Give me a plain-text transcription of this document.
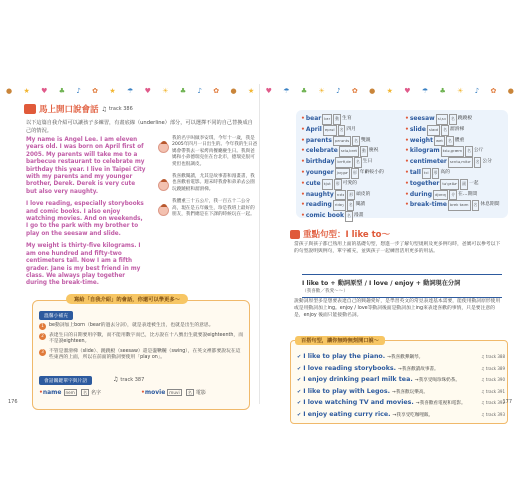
● ★ ♥ ♣ ♪ ✿ ★ ☂ ♥ ☀ ♣ ♪ ✿ ● ★ ♥ ☂ ♣ ☀ ♪ ✿ ● ★ ♥ ☂ ♣ ☀ ♪ ✿ ●
馬上開口說會話 ♫ track 386

以下這篇自我介紹可以讓孩子多練習，有畫底線（underline）部分，可以選擇不同的自己替換成自己的情況。

My name is Angel Lee. I am eleven years old. I was born on April first of 2005. My parents will take me to a barbecue restaurant to celebrate my birthday this year. I live in Taipei City with my parents and my younger brother, Derek. Derek is very cute but also very naughty.

I love reading, especially storybooks and comic books. I also enjoy watching movies. And on weekends, I go to the park with my brother to play on the seesaw and slide.

My weight is thirty-five kilograms. I am one hundred and fifty-two centimeters tall. Now I am a fifth grader. Jane is my best friend in my class. We always play together during the break-time.

我的名字叫做李安琪，今年十一歲，我是2005年四月一日出生的。今年我的生日爸媽會帶我去一家烤肉餐廳慶生日。我與爸媽和小弟德瑞克住在台北市，德瑞克很可愛但也很調皮。

我喜歡閱讀，尤其是故事書和漫畫書，我也喜歡看電影。週末時我會和弟弟去公園玩蹺蹺板和溜滑梯。

我體重三十五公斤，我一百五十二公分高，現在是五年級生，珍是我班上最好的朋友，我們總是在下課的時候玩在一起。

溫馨小補充
1	be動詞加上born（bear的過去分詞），就是表達被生出，也就是出生的意思。
2	表達生日的日期要用序數，而不能用數字而已，比方說在十八號出生就要說eighteenth，而不是說eighteen。
3	不管是溜滑梯（slide）、蹺蹺板（seesaw）還是盪鞦韆（swing），在英文裡都要說玩在這些東西的上面，所以在前面的動詞要使用「play on」。
會話關鍵單字與片語	♫ track 387
•name nem 名 名字	•movie muvi 名 電影
寫給「自我介紹」的會話，你還可以學更多～
176
• bear bɛr	動 生育	• seesaw siˌsɔ	名 蹺蹺板
• April eprəl	名 四月	• slide slaɪd	名 溜滑梯
• parents pɛrənts	名 雙親	• weight wet	名 體重
• celebrate sɛləˌbret	動 慶祝	• kilogram kɪləˌgræm	名 公斤
• birthday bɝθˌde	名 生日	• centimeter sɛntəˌmitɚ	名 公分
• younger jʌŋgɚ	形 年齡較小的	• tall tɔl	形 高的
• cute kjut	形 可愛的	• together təˈgɛðɚ	副 一起
• naughty nɔtɪ	形 頑皮的	• during djʊrɪŋ	介 在…期間
• reading ridɪŋ	名 閱讀	• break-time brek taɪm	名 休息期間
• comic book 名 漫畫
重點句型：I like to～

當孩子與孩子都已熟用上面的基礎句型，想進一步了解句型規則及更多例句時，爸媽可以參考以下的句型說明與例句，單字補充，並與孩子一起練習活用更多的用法。

I like to + 動詞原型 / I love / enjoy + 動詞現在分詞
（我喜歡／我愛～～）

說動詞原型多是想要表達自己的興趣愛好，是學習英文的常見表達基本需要，能使用動詞原形使用或是用動詞加上ing。enjoy / love等動詞後面是動詞加上ing來表達喜歡的事情，只是要注意的是，enjoy 後面只能接動名詞。

百搭句型，讓你無時無刻開口說～
✔ I like to play the piano. →我喜歡彈鋼琴。	♫ track 388
✔ I love reading storybooks. →我喜歡讀故事書。	♫ track 389
✔ I enjoy drinking pearl milk tea. →我享受喝珍珠奶茶。	♫ track 390
✔ I like to play with Legos. →我喜歡玩樂高。	♫ track 391
✔ I love watching TV and movies. →我喜歡看電視和電影。	♫ track 392
✔ I enjoy eating curry rice. →我享受吃咖哩飯。	♫ track 393
177
